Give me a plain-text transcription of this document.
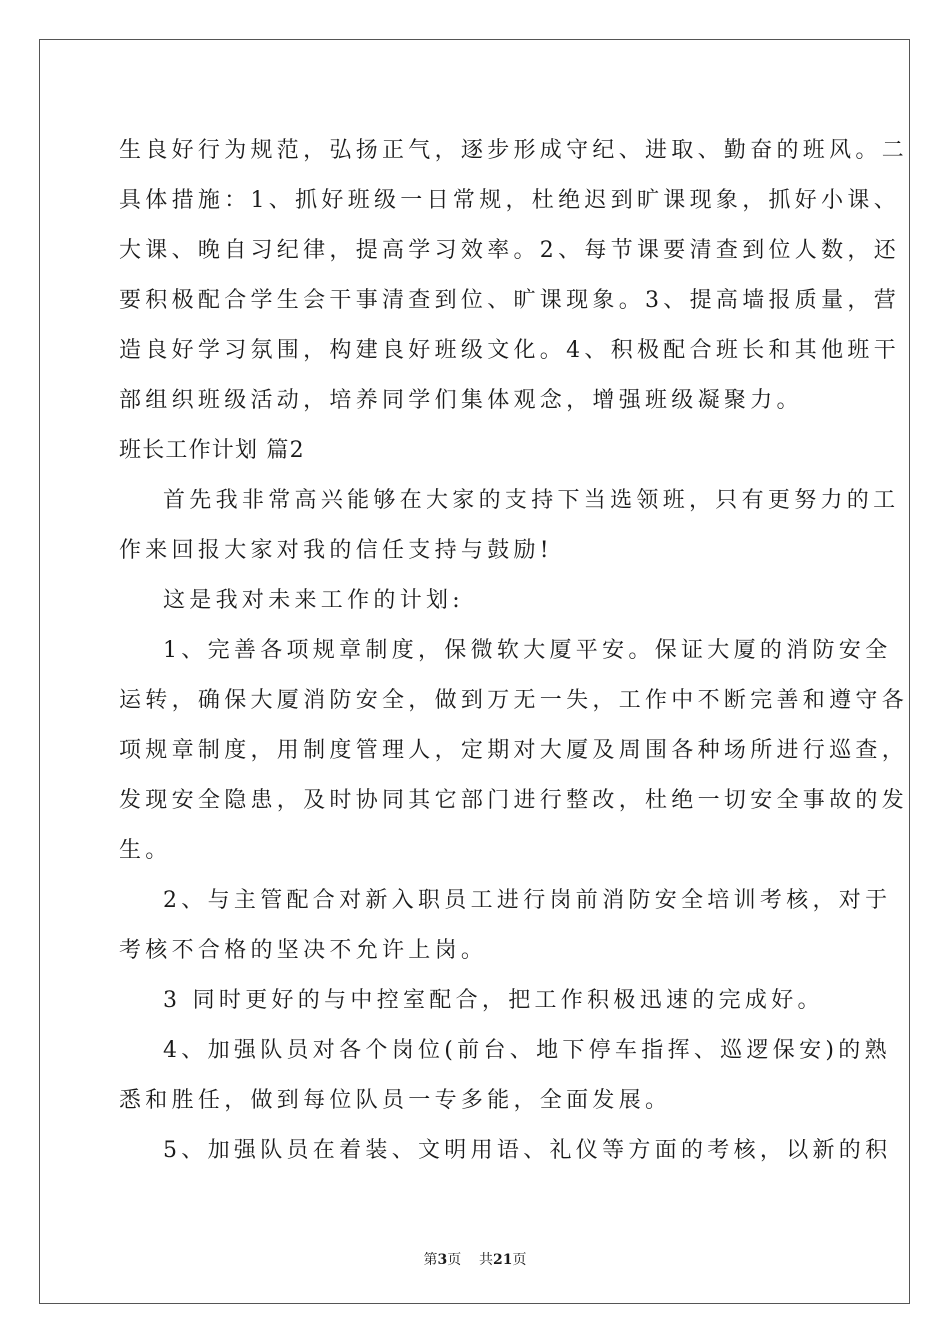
生良好行为规范，弘扬正气，逐步形成守纪、进取、勤奋的班风。二
具体措施：1、抓好班级一日常规，杜绝迟到旷课现象，抓好小课、
大课、晚自习纪律，提高学习效率。2、每节课要清查到位人数，还
要积极配合学生会干事清查到位、旷课现象。3、提高墙报质量，营
造良好学习氛围，构建良好班级文化。4、积极配合班长和其他班干
部组织班级活动，培养同学们集体观念，增强班级凝聚力。
班长工作计划 篇2
首先我非常高兴能够在大家的支持下当选领班，只有更努力的工
作来回报大家对我的信任支持与鼓励!
这是我对未来工作的计划:
1、完善各项规章制度，保微软大厦平安。保证大厦的消防安全
运转，确保大厦消防安全，做到万无一失，工作中不断完善和遵守各
项规章制度，用制度管理人，定期对大厦及周围各种场所进行巡查，
发现安全隐患，及时协同其它部门进行整改，杜绝一切安全事故的发
生。
2、与主管配合对新入职员工进行岗前消防安全培训考核，对于
考核不合格的坚决不允许上岗。
3 同时更好的与中控室配合，把工作积极迅速的完成好。
4、加强队员对各个岗位(前台、地下停车指挥、巡逻保安)的熟
悉和胜任，做到每位队员一专多能，全面发展。
5、加强队员在着装、文明用语、礼仪等方面的考核，以新的积
第3页    共21页
